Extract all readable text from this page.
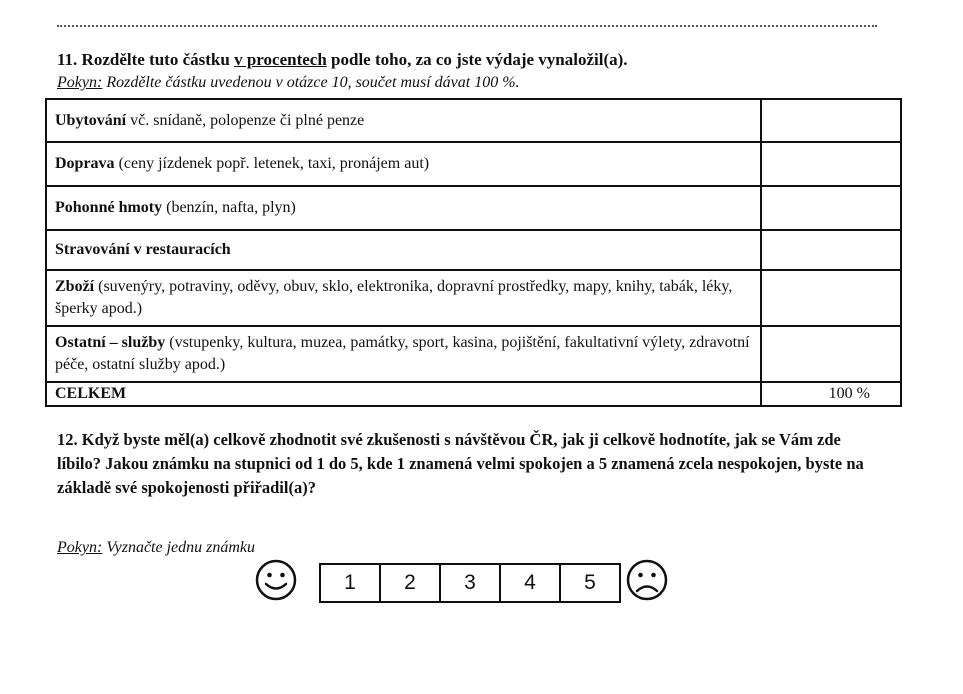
11. Rozdělte tuto částku v procentech podle toho, za co jste výdaje vynaložil(a).
Pokyn: Rozdělte částku uvedenou v otázce 10, součet musí dávat 100 %.
Ubytování vč. snídaně, polopenze či plné penze	
Doprava (ceny jízdenek popř. letenek, taxi, pronájem aut)	
Pohonné hmoty (benzín, nafta, plyn)	
Stravování v restauracích	
Zboží (suvenýry, potraviny, oděvy, obuv, sklo, elektronika, dopravní prostředky, mapy, knihy, tabák, léky, šperky apod.)	
Ostatní – služby (vstupenky, kultura, muzea, památky, sport, kasina, pojištění, fakultativní výlety, zdravotní péče, ostatní služby apod.)	
CELKEM	100 %
12. Když byste měl(a) celkově zhodnotit své zkušenosti s návštěvou ČR, jak ji celkově hodnotíte, jak se Vám zde líbilo? Jakou známku na stupnici od 1 do 5, kde 1 znamená velmi spokojen a 5 znamená zcela nespokojen, byste na základě své spokojenosti přiřadil(a)?
Pokyn: Vyznačte jednu známku
1	2	3	4	5
